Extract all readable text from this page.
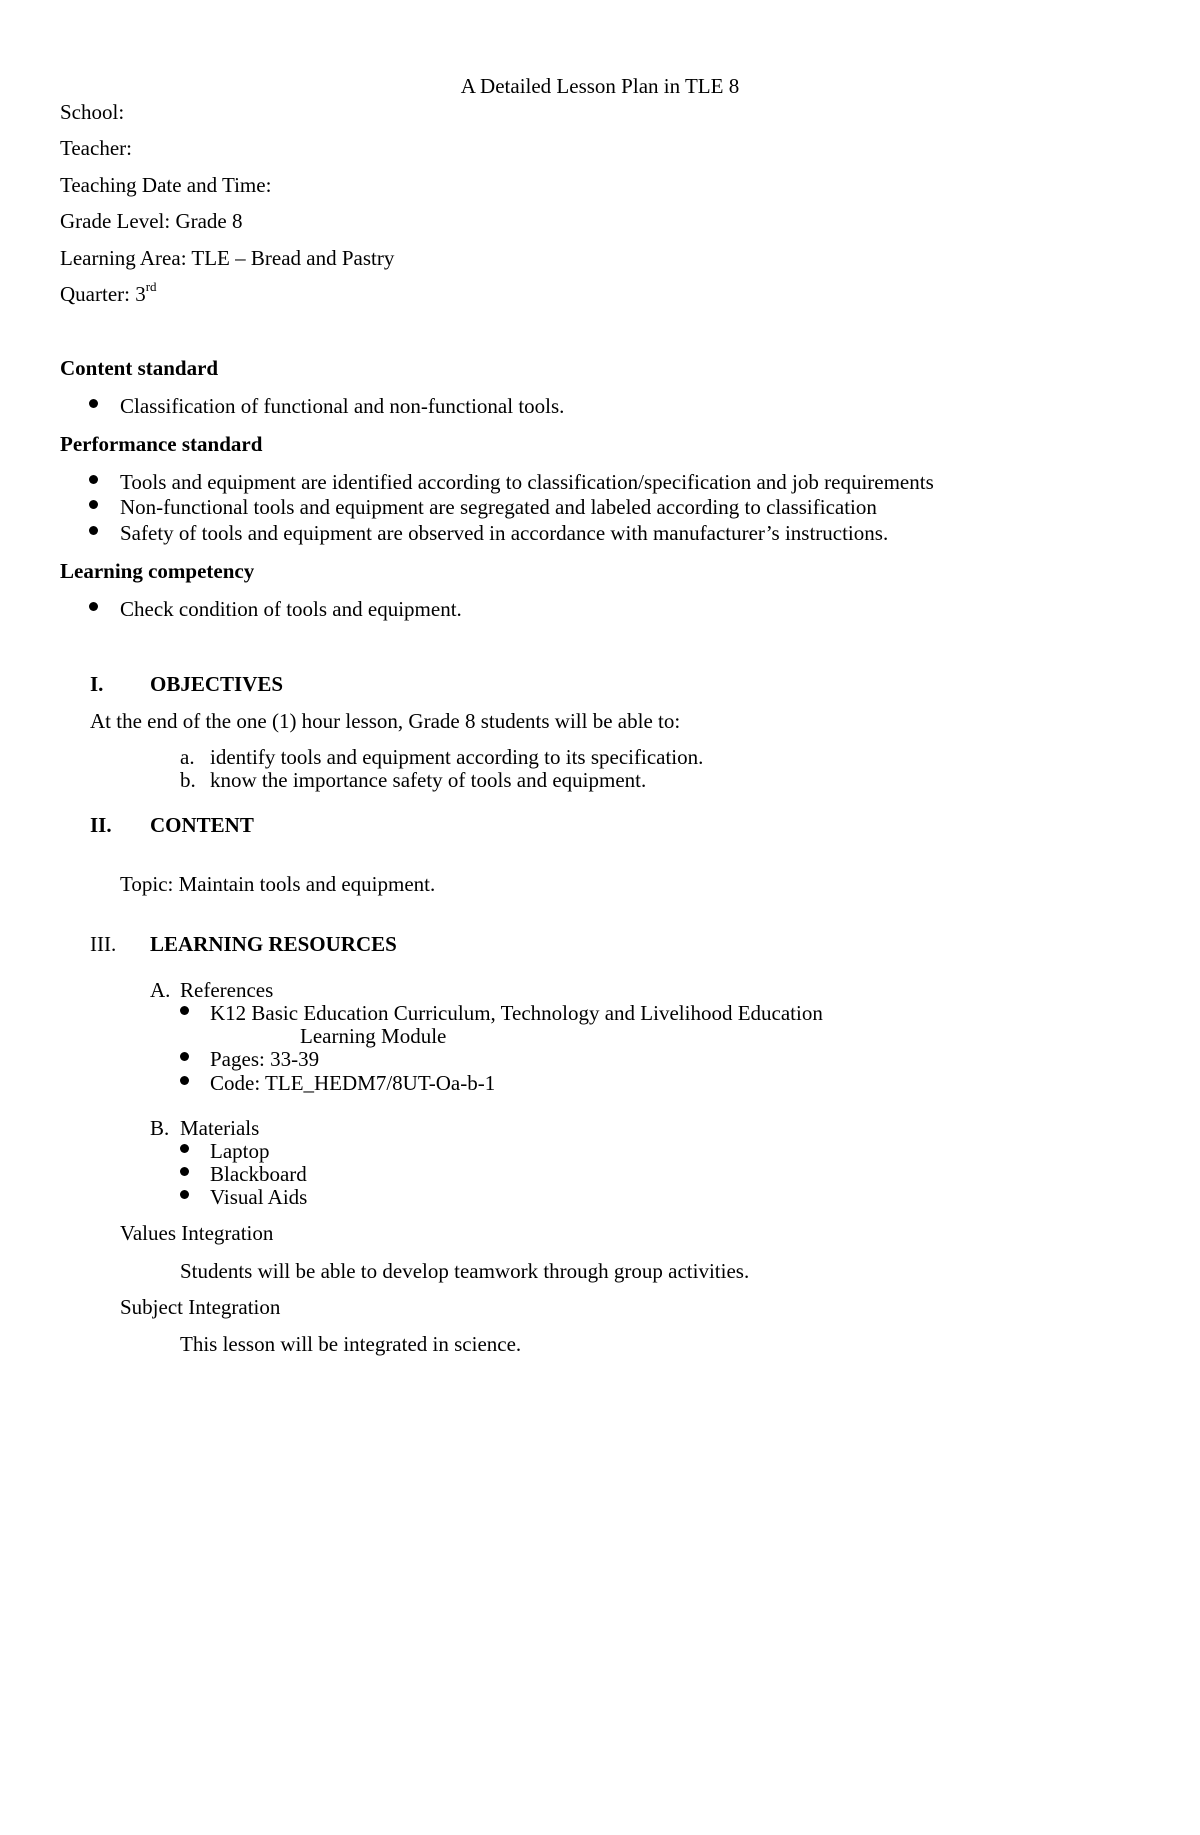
A Detailed Lesson Plan in TLE 8
School:
Teacher:
Teaching Date and Time:
Grade Level: Grade 8
Learning Area: TLE – Bread and Pastry
Quarter: 3rd
Content standard
Classification of functional and non-functional tools.
Performance standard
Tools and equipment are identified according to classification/specification and job requirements
Non-functional tools and equipment are segregated and labeled according to classification
Safety of tools and equipment are observed in accordance with manufacturer’s instructions.
Learning competency
Check condition of tools and equipment.
I. OBJECTIVES
At the end of the one (1) hour lesson, Grade 8 students will be able to:
a. identify tools and equipment according to its specification.
b. know the importance safety of tools and equipment.
II. CONTENT
Topic: Maintain tools and equipment.
III. LEARNING RESOURCES
A. References
K12 Basic Education Curriculum, Technology and Livelihood Education
Learning Module
Pages: 33-39
Code: TLE_HEDM7/8UT-Oa-b-1
B. Materials
Laptop
Blackboard
Visual Aids
Values Integration
Students will be able to develop teamwork through group activities.
Subject Integration
This lesson will be integrated in science.
